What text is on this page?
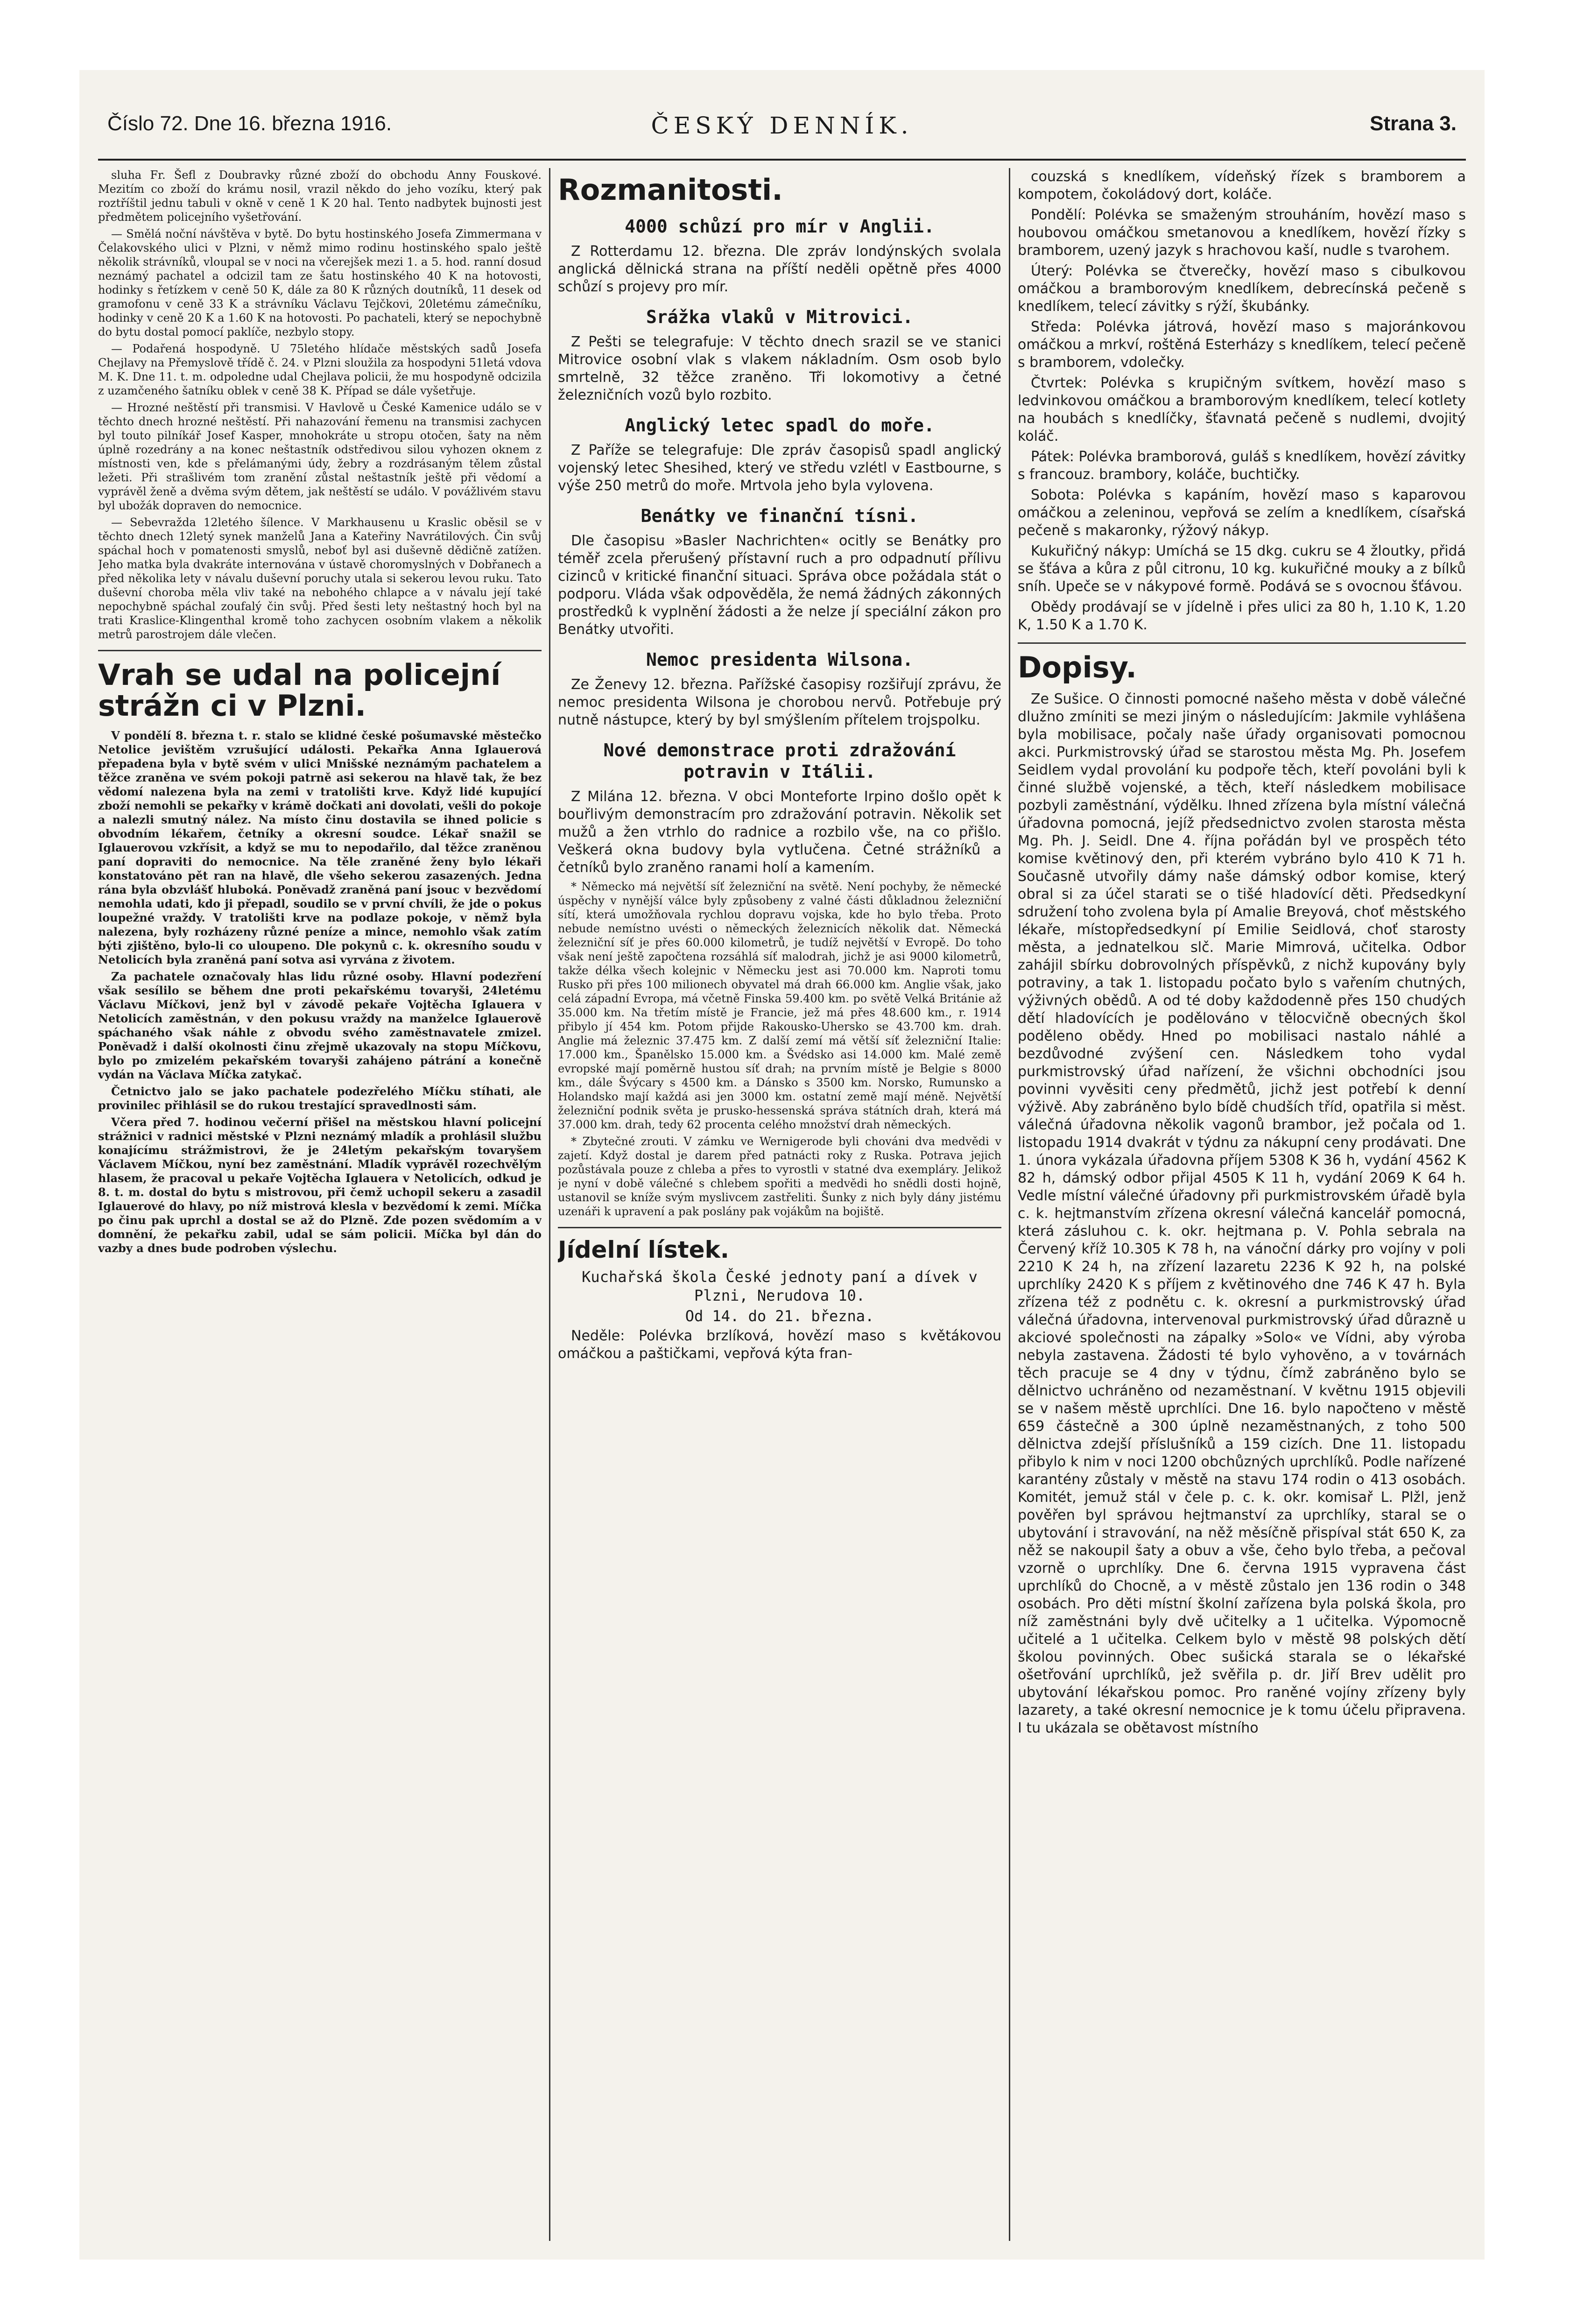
Číslo 72. Dne 16. března 1916.	ČESKÝ DENNÍK.	Strana 3.

sluha Fr. Šefl z Doubravky různé zboží do obchodu Anny Fouskové. Mezitím co zboží do krámu nosil, vrazil někdo do jeho vozíku, který pak roztříštil jednu tabuli v okně v ceně 1 K 20 hal. Tento nadbytek bujnosti jest předmětem policejního vyšetřování.

— Smělá noční návštěva v bytě. Do bytu hostinského Josefa Zimmermana v Čelakovského ulici v Plzni, v němž mimo rodinu hostinského spalo ještě několik strávníků, vloupal se v noci na včerejšek mezi 1. a 5. hod. ranní dosud neznámý pachatel a odcizil tam ze šatu hostinského 40 K na hotovosti, hodinky s řetízkem v ceně 50 K, dále za 80 K různých doutníků, 11 desek od gramofonu v ceně 33 K a strávníku Václavu Tejčkovi, 20letému zámečníku, hodinky v ceně 20 K a 1.60 K na hotovosti. Po pachateli, který se nepochybně do bytu dostal pomocí paklíče, nezbylo stopy.

— Podařená hospodyně. U 75letého hlídače městských sadů Josefa Chejlavy na Přemyslově třídě č. 24. v Plzni sloužila za hospodyni 51letá vdova M. K. Dne 11. t. m. odpoledne udal Chejlava policii, že mu hospodyně odcizila z uzamčeného šatníku oblek v ceně 38 K. Případ se dále vyšetřuje.

— Hrozné neštěstí při transmisi. V Havlově u České Kamenice událo se v těchto dnech hrozné neštěstí. Při nahazování řemenu na transmisi zachycen byl touto pilníkář Josef Kasper, mnohokráte u stropu otočen, šaty na něm úplně rozedrány a na konec neštastník odstředivou silou vyhozen oknem z místnosti ven, kde s přelámanými údy, žebry a rozdrásaným tělem zůstal ležeti. Při strašlivém tom zranění zůstal neštastník ještě při vědomí a vyprávěl ženě a dvěma svým dětem, jak neštěstí se událo. V povážlivém stavu byl ubožák dopraven do nemocnice.

— Sebevražda 12letého šílence. V Markhausenu u Kraslic oběsil se v těchto dnech 12letý synek manželů Jana a Kateřiny Navrátilových. Čin svůj spáchal hoch v pomatenosti smyslů, neboť byl asi duševně dědičně zatížen. Jeho matka byla dvakráte internována v ústavě choromyslných v Dobřanech a před několika lety v návalu duševní poruchy utala si sekerou levou ruku. Tato duševní choroba měla vliv také na nebohého chlapce a v návalu její také nepochybně spáchal zoufalý čin svůj. Před šesti lety neštastný hoch byl na trati Kraslice-Klingenthal kromě toho zachycen osobním vlakem a několik metrů parostrojem dále vlečen.

Vrah se udal na policejní strážn ci v Plzni.

V pondělí 8. března t. r. stalo se klidné české pošumavské městečko Netolice jevištěm vzrušující události. Pekařka Anna Iglauerová přepadena byla v bytě svém v ulici Mnišské neznámým pachatelem a těžce zraněna ve svém pokoji patrně asi sekerou na hlavě tak, že bez vědomí nalezena byla na zemi v tratolišti krve. Když lidé kupující zboží nemohli se pekařky v krámě dočkati ani dovolati, vešli do pokoje a nalezli smutný nález. Na místo činu dostavila se ihned policie s obvodním lékařem, četníky a okresní soudce. Lékař snažil se Iglauerovou vzkřísit, a když se mu to nepodařilo, dal těžce zraněnou paní dopraviti do nemocnice. Na těle zraněné ženy bylo lékaři konstatováno pět ran na hlavě, dle všeho sekerou zasazených. Jedna rána byla obzvlášť hluboká. Poněvadž zraněná paní jsouc v bezvědomí nemohla udati, kdo ji přepadl, soudilo se v první chvíli, že jde o pokus loupežné vraždy. V tratolišti krve na podlaze pokoje, v němž byla nalezena, byly rozházeny různé peníze a mince, nemohlo však zatím býti zjištěno, bylo-li co uloupeno. Dle pokynů c. k. okresního soudu v Netolicích byla zraněná paní sotva asi vyrvána z životem.

Za pachatele označovaly hlas lidu různé osoby. Hlavní podezření však sesílilo se během dne proti pekařskému tovaryši, 24letému Václavu Míčkovi, jenž byl v závodě pekaře Vojtěcha Iglauera v Netolicích zaměstnán, v den pokusu vraždy na manželce Iglauerově spáchaného však náhle z obvodu svého zaměstnavatele zmizel. Poněvadž i další okolnosti činu zřejmě ukazovaly na stopu Míčkovu, bylo po zmizelém pekařském tovaryši zahájeno pátrání a konečně vydán na Václava Míčka zatykač.

Četnictvo jalo se jako pachatele podezřelého Míčku stíhati, ale provinilec přihlásil se do rukou trestající spravedlnosti sám.

Včera před 7. hodinou večerní přišel na městskou hlavní policejní strážnici v radnici městské v Plzni neznámý mladík a prohlásil službu konajícímu strážmistrovi, že je 24letým pekařským tovaryšem Václavem Míčkou, nyní bez zaměstnání. Mladík vyprávěl rozechvělým hlasem, že pracoval u pekaře Vojtěcha Iglauera v Netolicích, odkud je 8. t. m. dostal do bytu s mistrovou, při čemž uchopil sekeru a zasadil Iglauerové do hlavy, po níž mistrová klesla v bezvědomí k zemi. Míčka po činu pak uprchl a dostal se až do Plzně. Zde pozen svědomím a v domnění, že pekařku zabil, udal se sám policii. Míčka byl dán do vazby a dnes bude podroben výslechu.

Rozmanitosti.
4000 schůzí pro mír v Anglii.

Z Rotterdamu 12. března. Dle zpráv londýnských svolala anglická dělnická strana na příští neděli opětně přes 4000 schůzí s projevy pro mír.

Srážka vlaků v Mitrovici.

Z Pešti se telegrafuje: V těchto dnech srazil se ve stanici Mitrovice osobní vlak s vlakem nákladním. Osm osob bylo smrtelně, 32 těžce zraněno. Tři lokomotivy a četné železničních vozů bylo rozbito.

Anglický letec spadl do moře.

Z Paříže se telegrafuje: Dle zpráv časopisů spadl anglický vojenský letec Shesihed, který ve středu vzlétl v Eastbourne, s výše 250 metrů do moře. Mrtvola jeho byla vylovena.

Benátky ve finanční tísni.

Dle časopisu »Basler Nachrichten« ocitly se Benátky pro téměř zcela přerušený přístavní ruch a pro odpadnutí přílivu cizinců v kritické finanční situaci. Správa obce požádala stát o podporu. Vláda však odpověděla, že nemá žádných zákonných prostředků k vyplnění žádosti a že nelze jí speciální zákon pro Benátky utvořiti.

Nemoc presidenta Wilsona.

Ze Ženevy 12. března. Pařížské časopisy rozšiřují zprávu, že nemoc presidenta Wilsona je chorobou nervů. Potřebuje prý nutně nástupce, který by byl smýšlením přítelem trojspolku.

Nové demonstrace proti zdražování potravin v Itálii.

Z Milána 12. března. V obci Monteforte Irpino došlo opět k bouřlivým demonstracím pro zdražování potravin. Několik set mužů a žen vtrhlo do radnice a rozbilo vše, na co přišlo. Veškerá okna budovy byla vytlučena. Četné strážníků a četníků bylo zraněno ranami holí a kamením.

* Německo má největší síť železniční na světě. Není pochyby, že německé úspěchy v nynější válce byly způsobeny z valné části důkladnou železniční sítí, která umožňovala rychlou dopravu vojska, kde ho bylo třeba. Proto nebude nemístno uvésti o německých železnicích několik dat. Německá železniční síť je přes 60.000 kilometrů, je tudíž největší v Evropě. Do toho však není ještě započtena rozsáhlá síť malodrah, jichž je asi 9000 kilometrů, takže délka všech kolejnic v Německu jest asi 70.000 km. Naproti tomu Rusko při přes 100 milionech obyvatel má drah 66.000 km. Anglie však, jako celá západní Evropa, má včetně Finska 59.400 km. po světě Velká Británie až 35.000 km. Na třetím místě je Francie, jež má přes 48.600 km., r. 1914 přibylo jí 454 km. Potom přijde Rakousko-Uhersko se 43.700 km. drah. Anglie má železnic 37.475 km. Z další zemí má větší síť železniční Italie: 17.000 km., Španělsko 15.000 km. a Švédsko asi 14.000 km. Malé země evropské mají poměrně hustou síť drah; na prvním místě je Belgie s 8000 km., dále Švýcary s 4500 km. a Dánsko s 3500 km. Norsko, Rumunsko a Holandsko mají každá asi jen 3000 km. ostatní země mají méně. Největší železniční podnik světa je prusko-hessenská správa státních drah, která má 37.000 km. drah, tedy 62 procenta celého množství drah německých.

* Zbytečné zrouti. V zámku ve Wernigerode byli chováni dva medvědi v zajetí. Když dostal je darem před patnácti roky z Ruska. Potrava jejich pozůstávala pouze z chleba a přes to vyrostli v statné dva exempláry. Jelikož je nyní v době válečné s chlebem spořiti a medvědi ho snědli dosti hojně, ustanovil se kníže svým myslivcem zastřeliti. Šunky z nich byly dány jistému uzenáři k upravení a pak poslány pak vojákům na bojiště.

Jídelní lístek.
Kuchařská škola České jednoty paní a dívek v Plzni, Nerudova 10.
Od 14. do 21. března.

Neděle: Polévka brzlíková, hovězí maso s květákovou omáčkou a paštičkami, vepřová kýta fran-

couzská s knedlíkem, vídeňský řízek s bramborem a kompotem, čokoládový dort, koláče.

Pondělí: Polévka se smaženým strouháním, hovězí maso s houbovou omáčkou smetanovou a knedlíkem, hovězí řízky s bramborem, uzený jazyk s hrachovou kaší, nudle s tvarohem.

Úterý: Polévka se čtverečky, hovězí maso s cibulkovou omáčkou a bramborovým knedlíkem, debrecínská pečeně s knedlíkem, telecí závitky s rýží, škubánky.

Středa: Polévka játrová, hovězí maso s majoránkovou omáčkou a mrkví, roštěná Esterházy s knedlíkem, telecí pečeně s bramborem, vdolečky.

Čtvrtek: Polévka s krupičným svítkem, hovězí maso s ledvinkovou omáčkou a bramborovým knedlíkem, telecí kotlety na houbách s knedlíčky, šťavnatá pečeně s nudlemi, dvojitý koláč.

Pátek: Polévka bramborová, guláš s knedlíkem, hovězí závitky s francouz. brambory, koláče, buchtičky.

Sobota: Polévka s kapáním, hovězí maso s kaparovou omáčkou a zeleninou, vepřová se zelím a knedlíkem, císařská pečeně s makaronky, rýžový nákyp.

Kukuřičný nákyp: Umíchá se 15 dkg. cukru se 4 žloutky, přidá se šťáva a kůra z půl citronu, 10 kg. kukuřičné mouky a z bílků sníh. Upeče se v nákypové formě. Podává se s ovocnou šťávou.

Obědy prodávají se v jídelně i přes ulici za 80 h, 1.10 K, 1.20 K, 1.50 K a 1.70 K.

Dopisy.

Ze Sušice. O činnosti pomocné našeho města v době válečné dlužno zmíniti se mezi jiným o následujícím: Jakmile vyhlášena byla mobilisace, počaly naše úřady organisovati pomocnou akci. Purkmistrovský úřad se starostou města Mg. Ph. Josefem Seidlem vydal provolání ku podpoře těch, kteří povoláni byli k činné službě vojenské, a těch, kteří následkem mobilisace pozbyli zaměstnání, výdělku. Ihned zřízena byla místní válečná úřadovna pomocná, jejíž předsednictvo zvolen starosta města Mg. Ph. J. Seidl. Dne 4. října pořádán byl ve prospěch této komise květinový den, při kterém vybráno bylo 410 K 71 h. Současně utvořily dámy naše dámský odbor komise, který obral si za účel starati se o tišé hladovící děti. Předsedkyní sdružení toho zvolena byla pí Amalie Breyová, choť městského lékaře, místopředsedkyní pí Emilie Seidlová, choť starosty města, a jednatelkou slč. Marie Mimrová, učitelka. Odbor zahájil sbírku dobrovolných příspěvků, z nichž kupovány byly potraviny, a tak 1. listopadu počato bylo s vařením chutných, výživných obědů. A od té doby každodenně přes 150 chudých dětí hladovících je podělováno v tělocvičně obecných škol poděleno obědy. Hned po mobilisaci nastalo náhlé a bezdůvodné zvýšení cen. Následkem toho vydal purkmistrovský úřad nařízení, že všichni obchodníci jsou povinni vyvěsiti ceny předmětů, jichž jest potřebí k denní výživě. Aby zabráněno bylo bídě chudších tříd, opatřila si měst. válečná úřadovna několik vagonů brambor, jež počala od 1. listopadu 1914 dvakrát v týdnu za nákupní ceny prodávati. Dne 1. února vykázala úřadovna příjem 5308 K 36 h, vydání 4562 K 82 h, dámský odbor přijal 4505 K 11 h, vydání 2069 K 64 h. Vedle místní válečné úřadovny při purkmistrovském úřadě byla c. k. hejtmanstvím zřízena okresní válečná kancelář pomocná, která zásluhou c. k. okr. hejtmana p. V. Pohla sebrala na Červený kříž 10.305 K 78 h, na vánoční dárky pro vojíny v poli 2210 K 24 h, na zřízení lazaretu 2236 K 92 h, na polské uprchlíky 2420 K s příjem z květinového dne 746 K 47 h. Byla zřízena též z podnětu c. k. okresní a purkmistrovský úřad válečná úřadovna, intervenoval purkmistrovský úřad důrazně u akciové společnosti na zápalky »Solo« ve Vídni, aby výroba nebyla zastavena. Žádosti té bylo vyhověno, a v továrnách těch pracuje se 4 dny v týdnu, čímž zabráněno bylo se dělnictvo uchráněno od nezaměstnaní. V květnu 1915 objevili se v našem městě uprchlíci. Dne 16. bylo napočteno v městě 659 částečně a 300 úplně nezaměstnaných, z toho 500 dělnictva zdejší příslušníků a 159 cizích. Dne 11. listopadu přibylo k nim v noci 1200 obchůzných uprchlíků. Podle nařízené karantény zůstaly v městě na stavu 174 rodin o 413 osobách. Komitét, jemuž stál v čele p. c. k. okr. komisař L. Plžl, jenž pověřen byl správou hejtmanství za uprchlíky, staral se o ubytování i stravování, na něž měsíčně přispíval stát 650 K, za něž se nakoupil šaty a obuv a vše, čeho bylo třeba, a pečoval vzorně o uprchlíky. Dne 6. června 1915 vypravena část uprchlíků do Chocně, a v městě zůstalo jen 136 rodin o 348 osobách. Pro děti místní školní zařízena byla polská škola, pro níž zaměstnáni byly dvě učitelky a 1 učitelka. Výpomocně učitelé a 1 učitelka. Celkem bylo v městě 98 polských dětí školou povinných. Obec sušická starala se o lékařské ošetřování uprchlíků, jež svěřila p. dr. Jiří Brev udělit pro ubytování lékařskou pomoc. Pro raněné vojíny zřízeny byly lazarety, a také okresní nemocnice je k tomu účelu připravena. I tu ukázala se obětavost místního
